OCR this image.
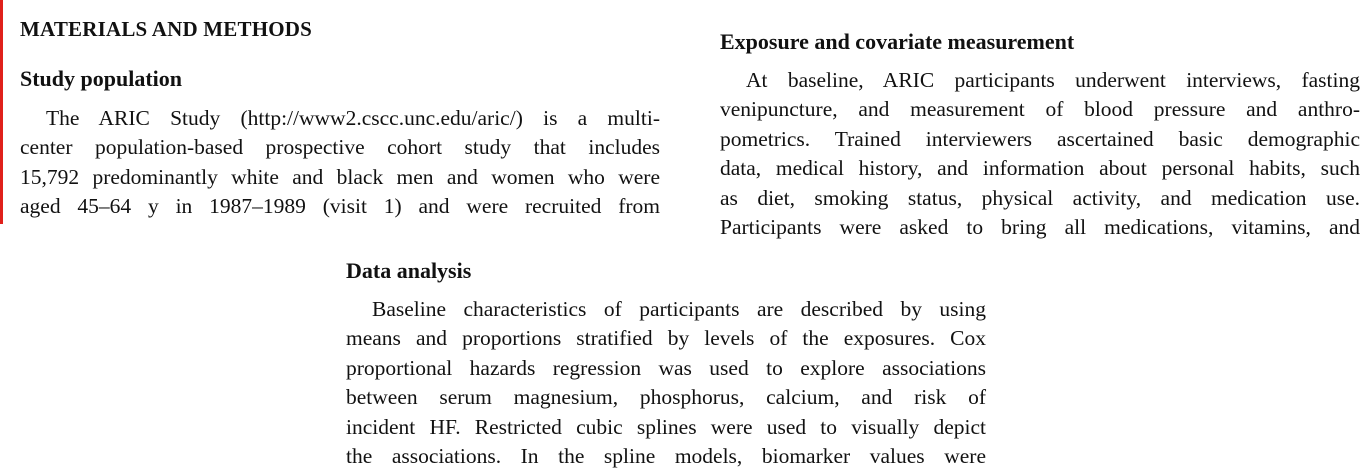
MATERIALS AND METHODS
Study population
The ARIC Study (http://www2.cscc.unc.edu/aric/) is a multi-
center population-based prospective cohort study that includes
15,792 predominantly white and black men and women who were
aged 45–64 y in 1987–1989 (visit 1) and were recruited from
Exposure and covariate measurement
At baseline, ARIC participants underwent interviews, fasting
venipuncture, and measurement of blood pressure and anthro-
pometrics. Trained interviewers ascertained basic demographic
data, medical history, and information about personal habits, such
as diet, smoking status, physical activity, and medication use.
Participants were asked to bring all medications, vitamins, and
Data analysis
Baseline characteristics of participants are described by using
means and proportions stratified by levels of the exposures. Cox
proportional hazards regression was used to explore associations
between serum magnesium, phosphorus, calcium, and risk of
incident HF. Restricted cubic splines were used to visually depict
the associations. In the spline models, biomarker values were
